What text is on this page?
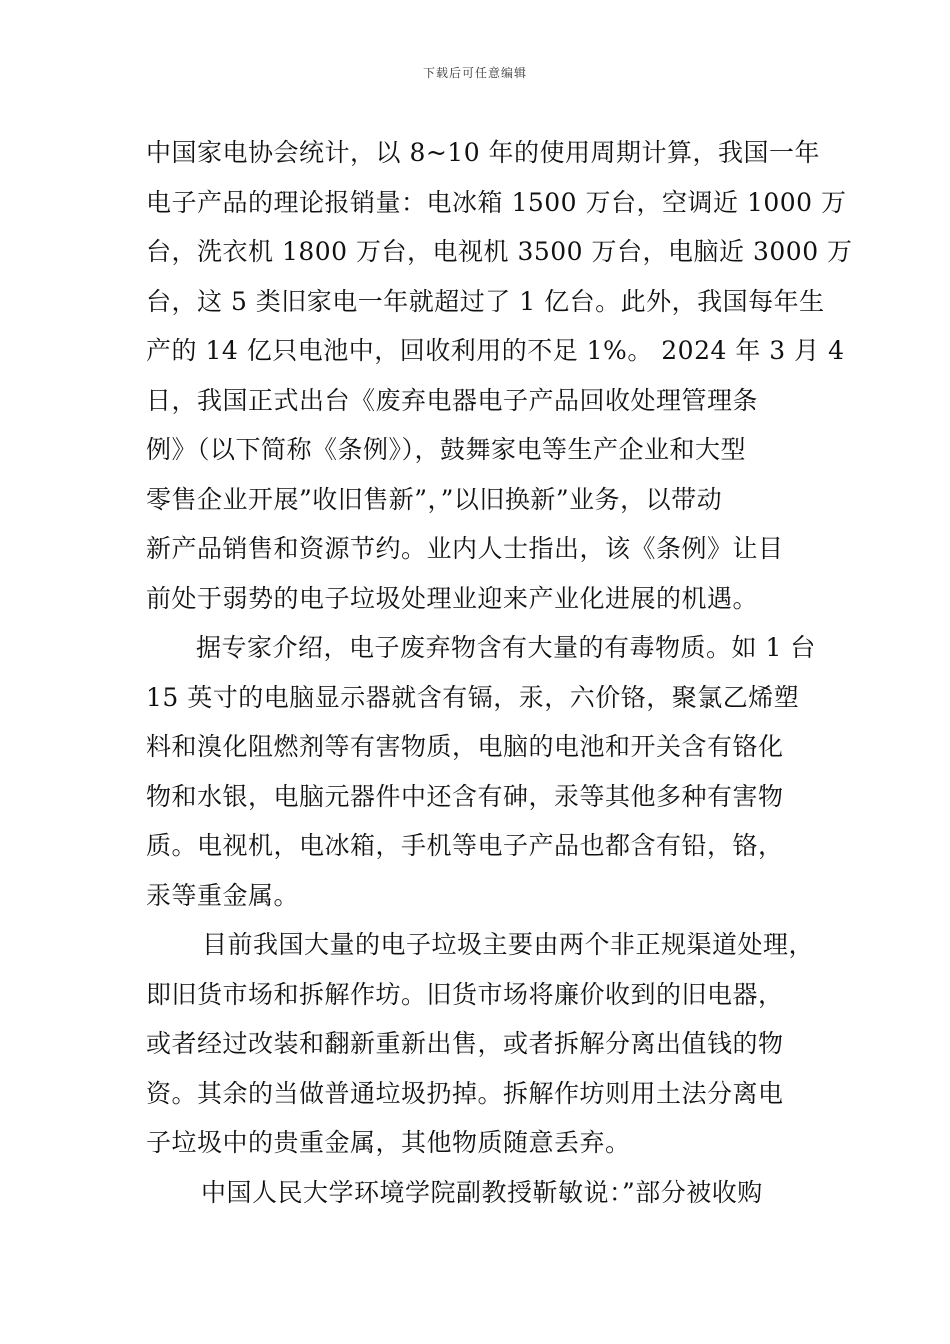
下载后可任意编辑
中国家电协会统计，以 8~10 年的使用周期计算，我国一年
电子产品的理论报销量：电冰箱 1500 万台，空调近 1000 万
台，洗衣机 1800 万台，电视机 3500 万台，电脑近 3000 万
台，这 5 类旧家电一年就超过了 1 亿台。此外，我国每年生
产的 14 亿只电池中，回收利用的不足 1%。 2024 年 3 月 4
日，我国正式出台《废弃电器电子产品回收处理管理条
例》（以下简称《条例》），鼓舞家电等生产企业和大型
零售企业开展”收旧售新”，”以旧换新”业务，以带动
新产品销售和资源节约。业内人士指出，该《条例》让目
前处于弱势的电子垃圾处理业迎来产业化进展的机遇。
据专家介绍，电子废弃物含有大量的有毒物质。如 1 台
15 英寸的电脑显示器就含有镉，汞，六价铬，聚氯乙烯塑
料和溴化阻燃剂等有害物质，电脑的电池和开关含有铬化
物和水银，电脑元器件中还含有砷，汞等其他多种有害物
质。电视机，电冰箱，手机等电子产品也都含有铅，铬，
汞等重金属。
目前我国大量的电子垃圾主要由两个非正规渠道处理，
即旧货市场和拆解作坊。旧货市场将廉价收到的旧电器，
或者经过改装和翻新重新出售，或者拆解分离出值钱的物
资。其余的当做普通垃圾扔掉。拆解作坊则用土法分离电
子垃圾中的贵重金属，其他物质随意丢弃。
中国人民大学环境学院副教授靳敏说：”部分被收购
